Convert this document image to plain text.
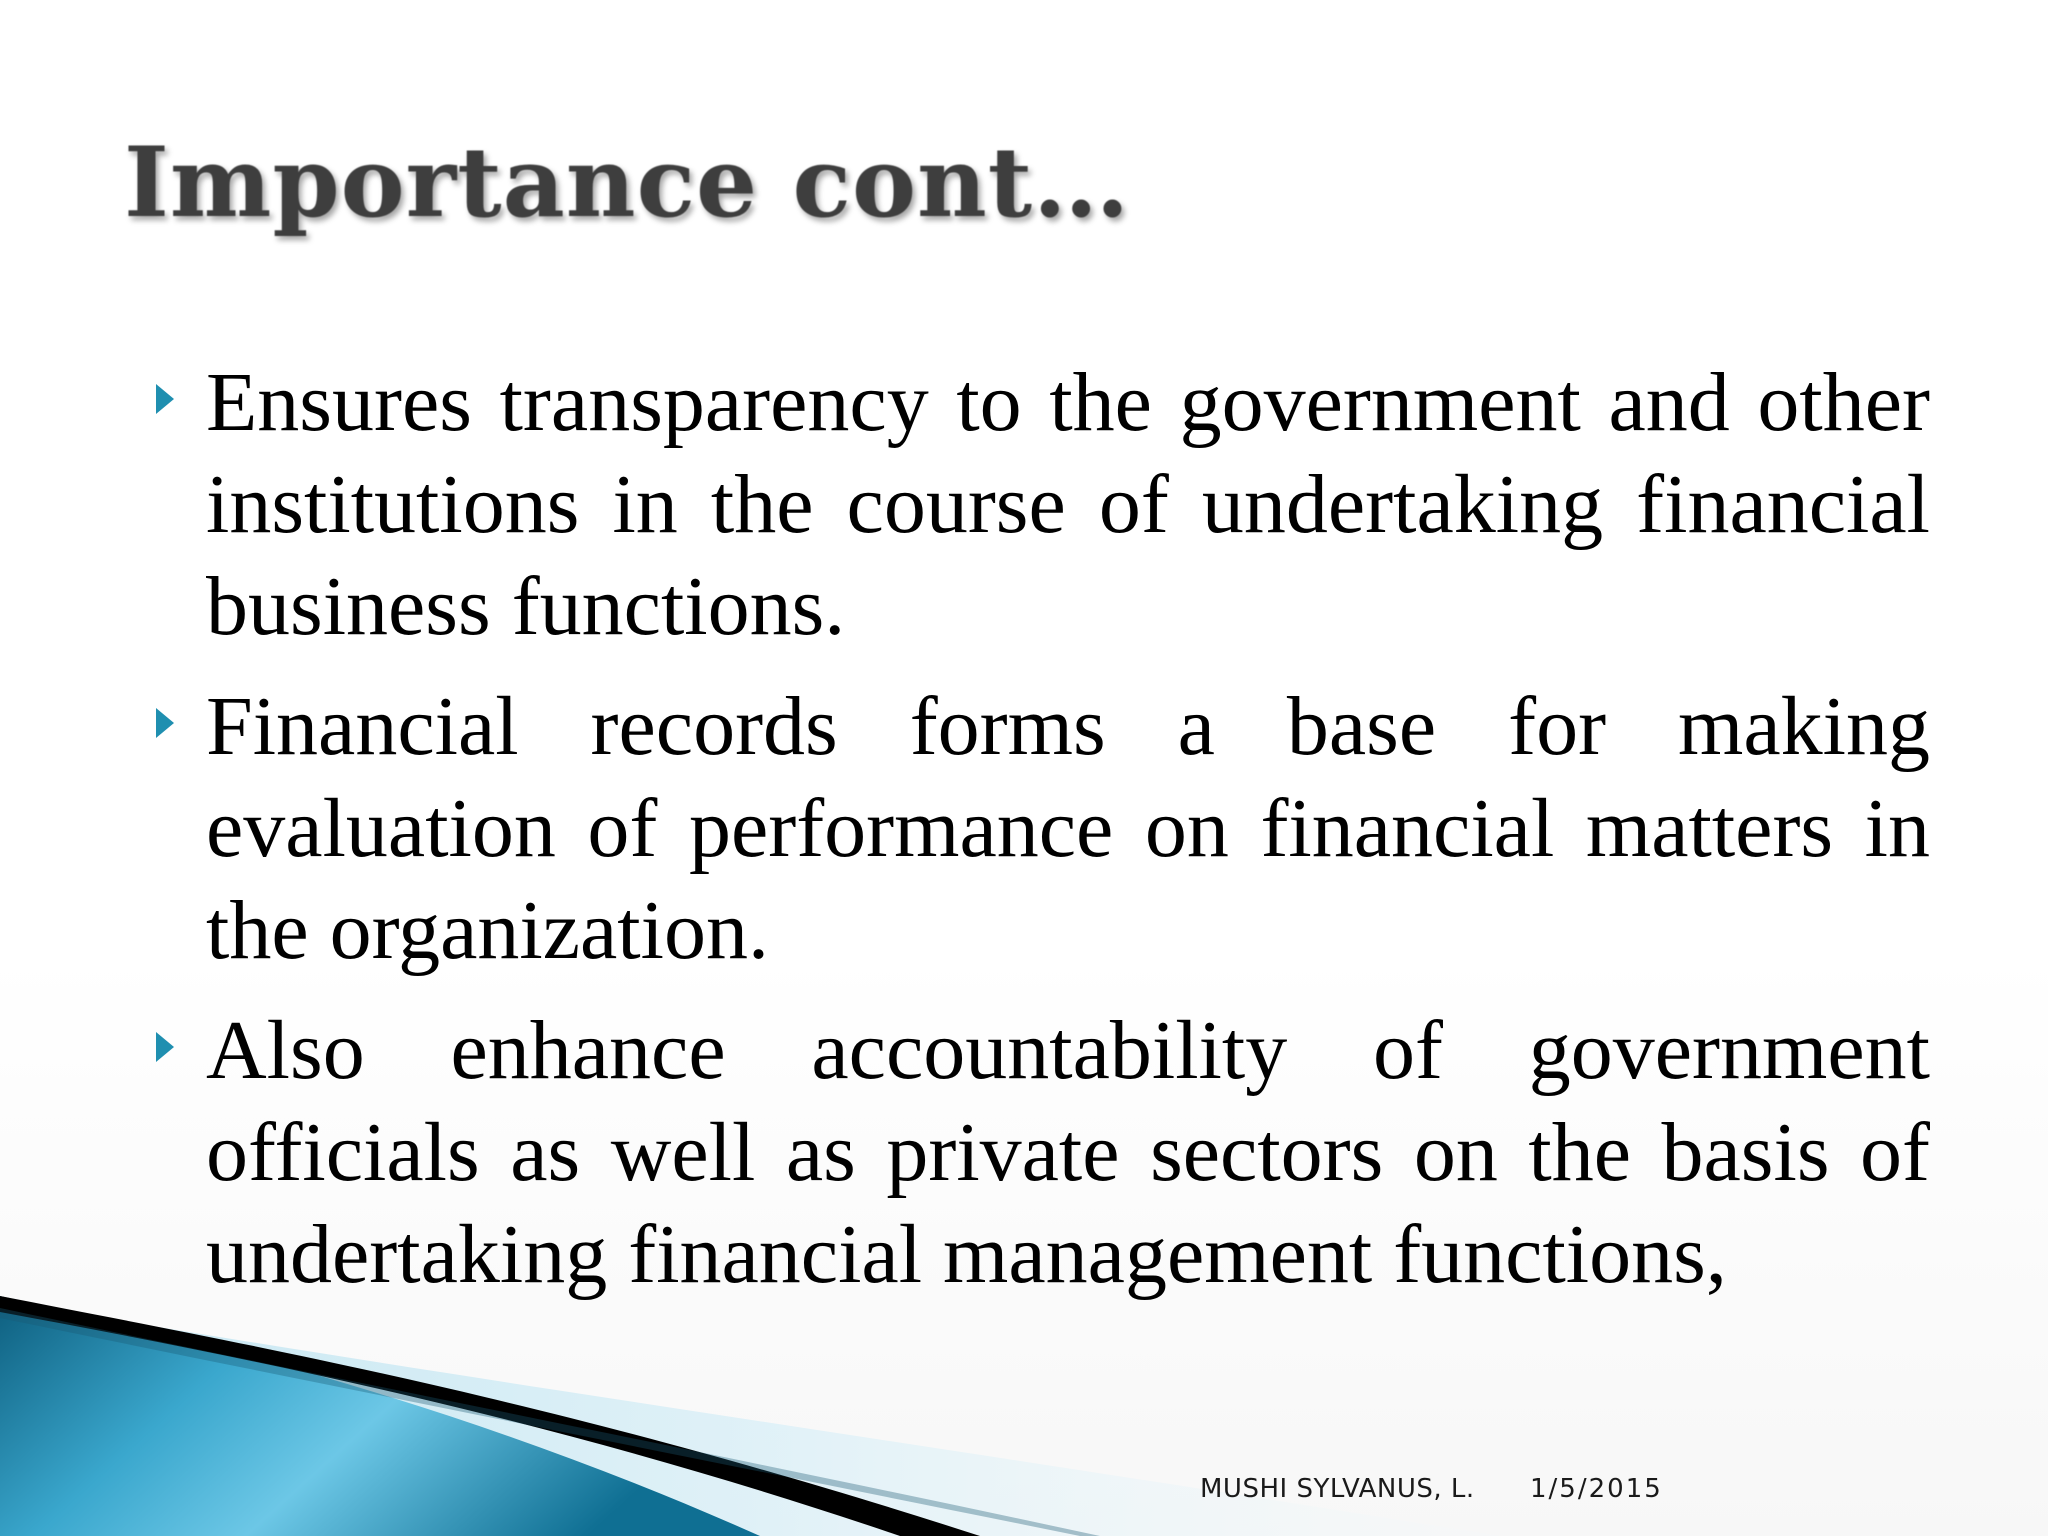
Importance cont…
Ensures transparency to the government and other institutions in the course of undertaking financial business functions.
Financial records forms a base for making evaluation of performance on financial matters in the organization.
Also enhance accountability of government officials as well as private sectors on the basis of undertaking financial management functions,
MUSHI SYLVANUS, L. 1/5/2015
